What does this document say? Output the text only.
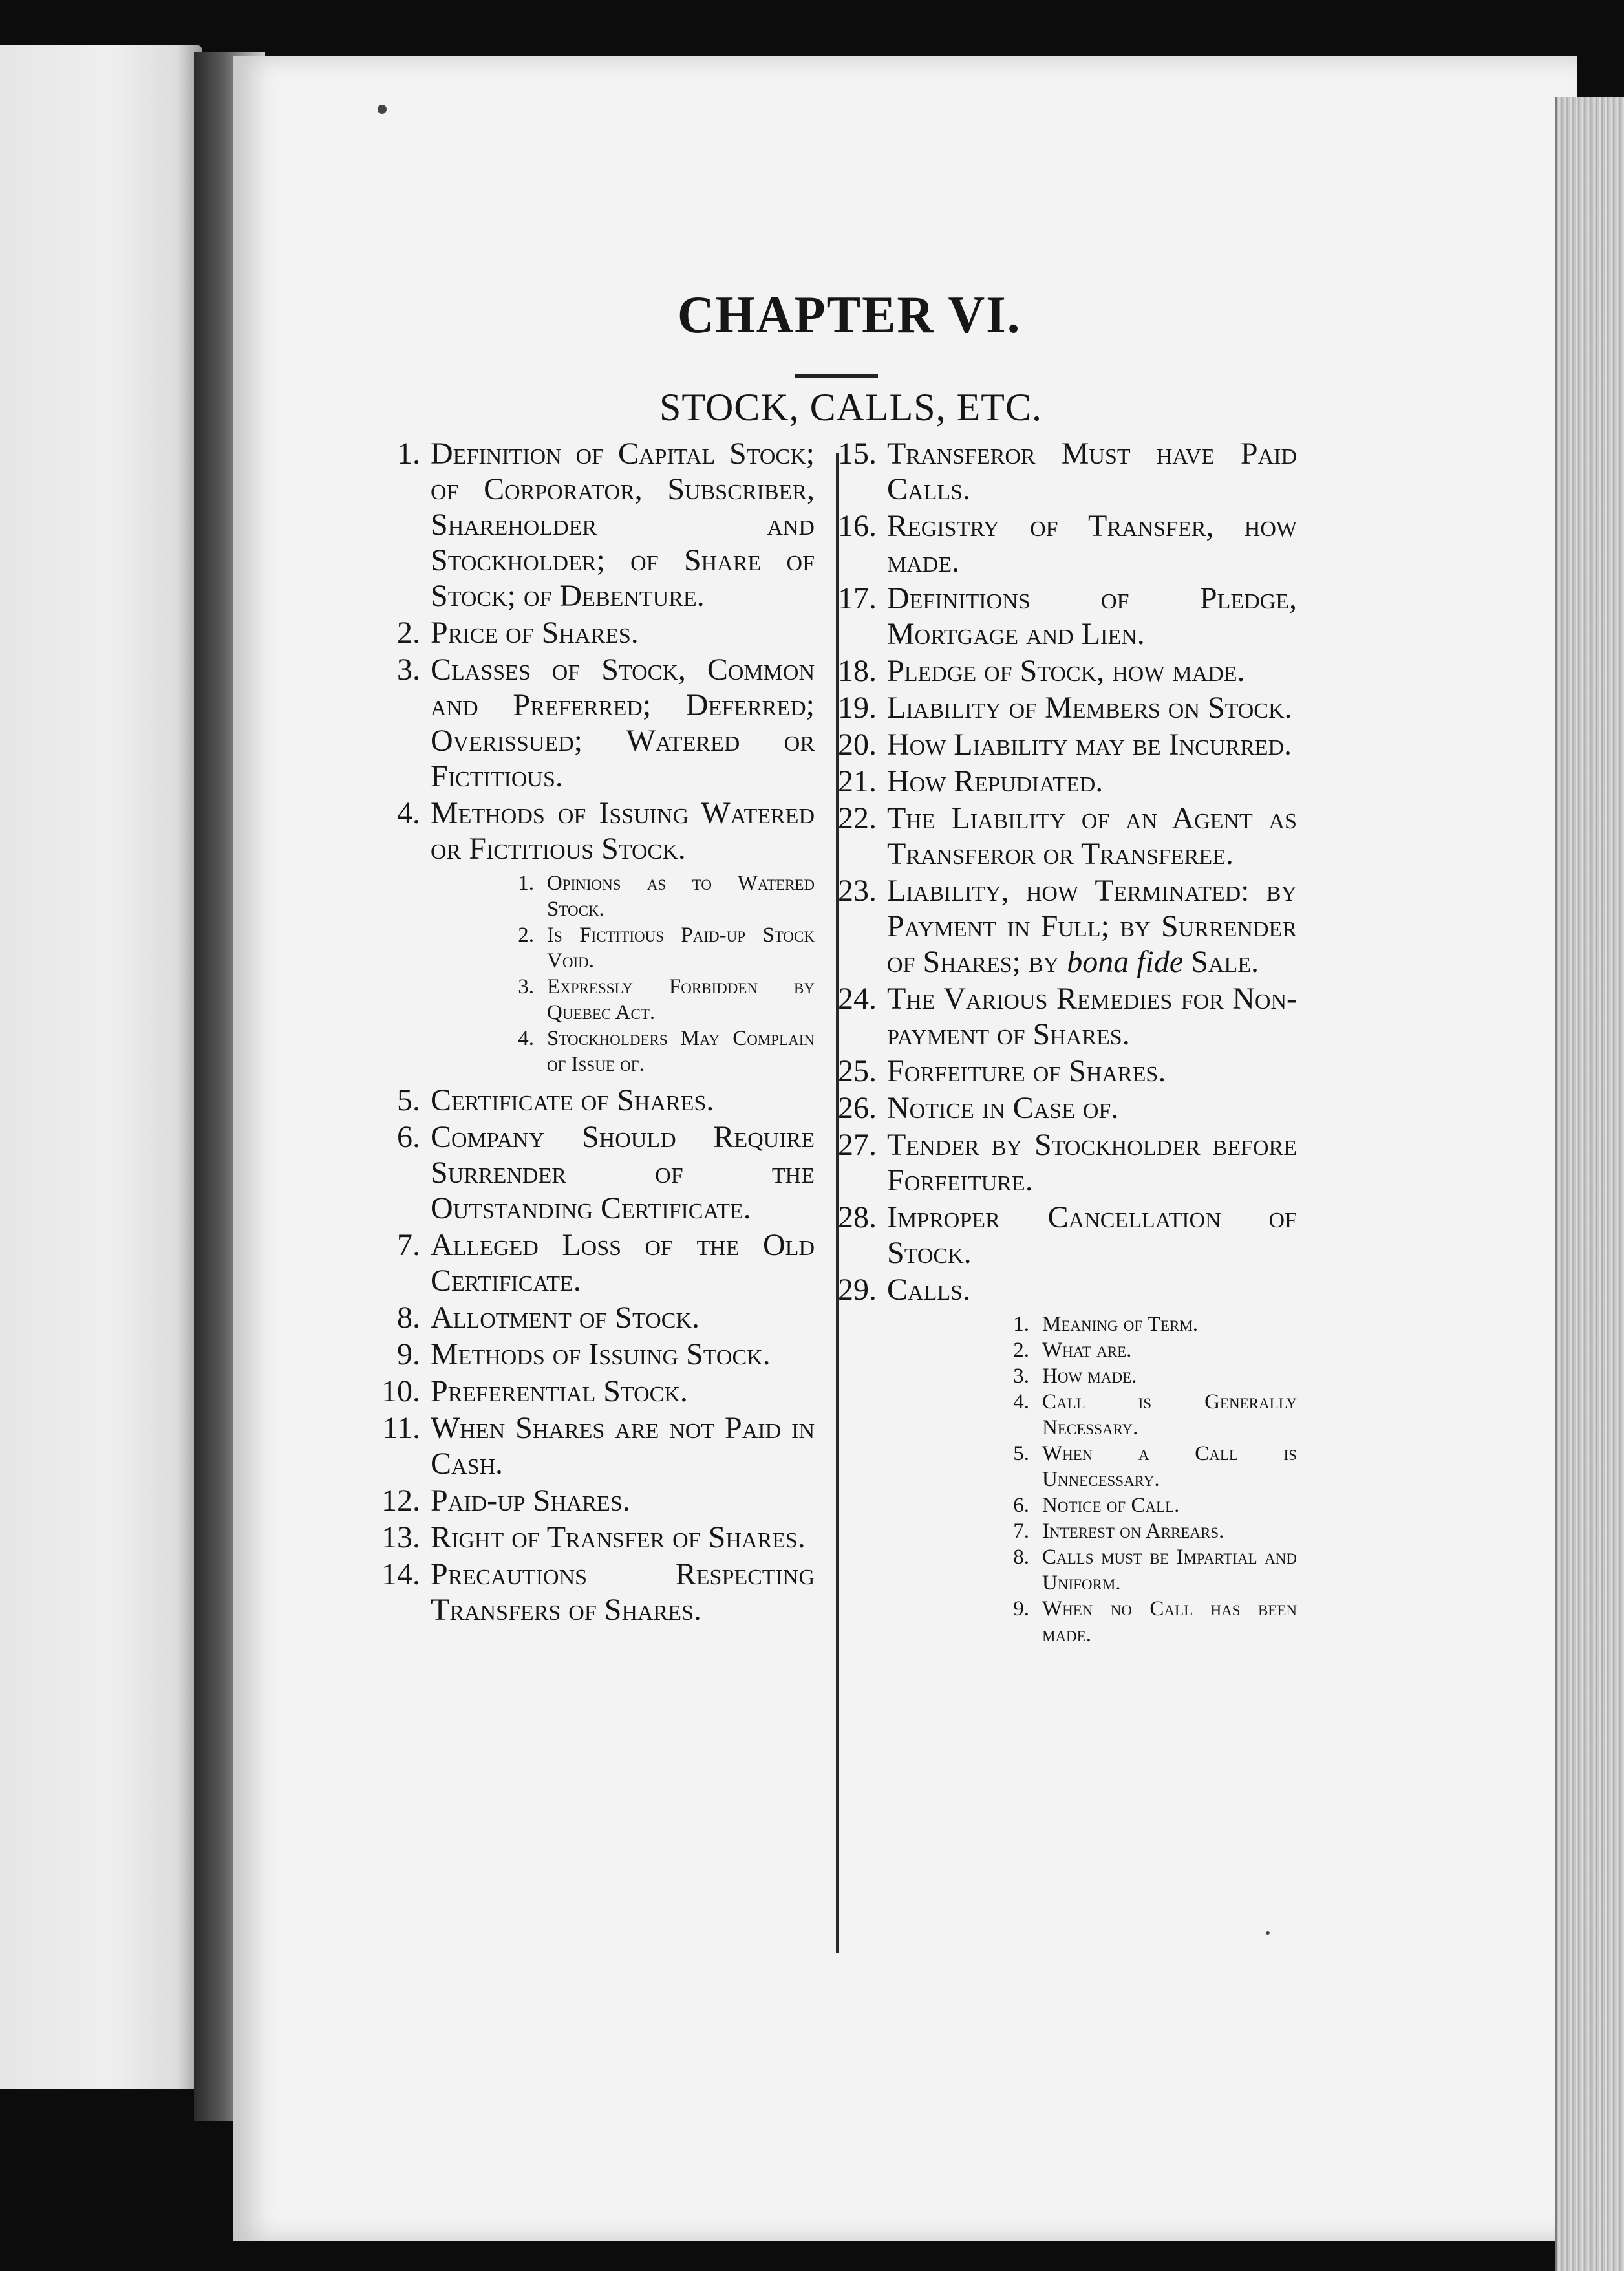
CHAPTER VI.
STOCK, CALLS, ETC.
1. Definition of Capital Stock; of Corporator, Subscriber, Shareholder and Stockholder; of Share of Stock; of Debenture.
2. Price of Shares.
3. Classes of Stock, Common and Preferred; Deferred; Overissued; Watered or Fictitious.
4. Methods of Issuing Watered or Fictitious Stock.
1. Opinions as to Watered Stock.
2. Is Fictitious Paid-up Stock Void.
3. Expressly Forbidden by Quebec Act.
4. Stockholders May Complain of Issue of.
5. Certificate of Shares.
6. Company Should Require Surrender of the Outstanding Certificate.
7. Alleged Loss of the Old Certificate.
8. Allotment of Stock.
9. Methods of Issuing Stock.
10. Preferential Stock.
11. When Shares are not Paid in Cash.
12. Paid-up Shares.
13. Right of Transfer of Shares.
14. Precautions Respecting Transfers of Shares.
15. Transferor Must have Paid Calls.
16. Registry of Transfer, how made.
17. Definitions of Pledge, Mortgage and Lien.
18. Pledge of Stock, how made.
19. Liability of Members on Stock.
20. How Liability may be Incurred.
21. How Repudiated.
22. The Liability of an Agent as Transferor or Transferee.
23. Liability, how Terminated: by Payment in Full; by Surrender of Shares; by bona fide Sale.
24. The Various Remedies for Non-payment of Shares.
25. Forfeiture of Shares.
26. Notice in Case of.
27. Tender by Stockholder before Forfeiture.
28. Improper Cancellation of Stock.
29. Calls.
1. Meaning of Term.
2. What are.
3. How made.
4. Call is Generally Necessary.
5. When a Call is Unnecessary.
6. Notice of Call.
7. Interest on Arrears.
8. Calls must be Impartial and Uniform.
9. When no Call has been made.
